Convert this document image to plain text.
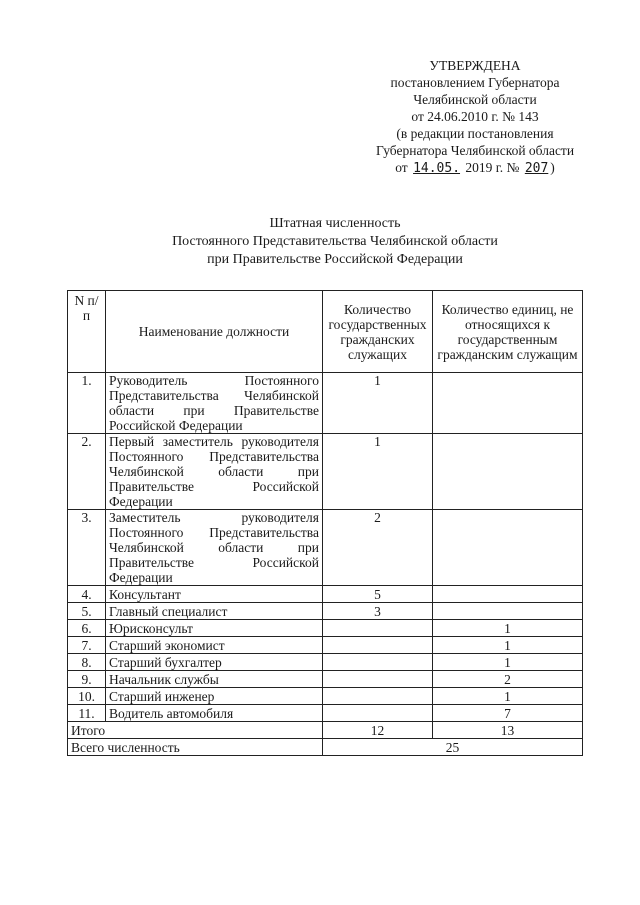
УТВЕРЖДЕНА
постановлением Губернатора
Челябинской области
от 24.06.2010 г. № 143
(в редакции постановления
Губернатора Челябинской области
от 14.05. 2019 г. № 207 )
Штатная численность
Постоянного Представительства Челябинской области
при Правительстве Российской Федерации
N п/п	Наименование должности	Количество государственных гражданских служащих	Количество единиц, не относящихся к государственным гражданским служащим
1.	Руководитель Постоянного Представительства Челябинской области при Правительстве Российской Федерации	1	
2.	Первый заместитель руководителя Постоянного Представительства Челябинской области при Правительстве Российской Федерации	1	
3.	Заместитель руководителя Постоянного Представительства Челябинской области при Правительстве Российской Федерации	2	
4.	Консультант	5	
5.	Главный специалист	3	
6.	Юрисконсульт		1
7.	Старший экономист		1
8.	Старший бухгалтер		1
9.	Начальник службы		2
10.	Старший инженер		1
11.	Водитель автомобиля		7
Итого		12	13
Всего численность		25	
